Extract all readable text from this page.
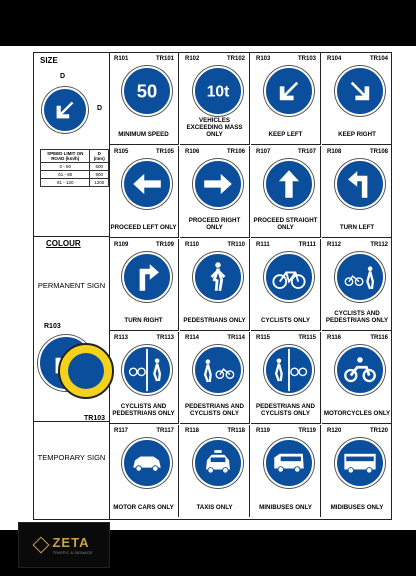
ZETA
TRAFFIC & SIGNAGE
SIZE
D
D
SPEED LIMIT ON ROAD (km/h)	D (mm)
0 - 60	600
61 - 80	900
81 - 120	1200
COLOUR
PERMANENT SIGN
R103
TR103
TEMPORARY SIGN
R101	TR101
50
MINIMUM SPEED
R102	TR102
10t
VEHICLES EXCEEDING MASS ONLY
R103	TR103
KEEP LEFT
R104	TR104
KEEP RIGHT
R105	TR105
PROCEED LEFT ONLY
R106	TR106
PROCEED RIGHT ONLY
R107	TR107
PROCEED STRAIGHT ONLY
R108	TR108
TURN LEFT
R109	TR109
TURN RIGHT
R110	TR110
PEDESTRIANS ONLY
R111	TR111
CYCLISTS ONLY
R112	TR112
CYCLISTS AND PEDESTRIANS ONLY
R113	TR113
CYCLISTS AND PEDESTRIANS ONLY
R114	TR114
PEDESTRIANS AND CYCLISTS ONLY
R115	TR115
PEDESTRIANS AND CYCLISTS ONLY
R116	TR116
MOTORCYCLES ONLY
R117	TR117
MOTOR CARS ONLY
R118	TR118
TAXIS ONLY
R119	TR119
MINIBUSES ONLY
R120	TR120
MIDIBUSES ONLY
